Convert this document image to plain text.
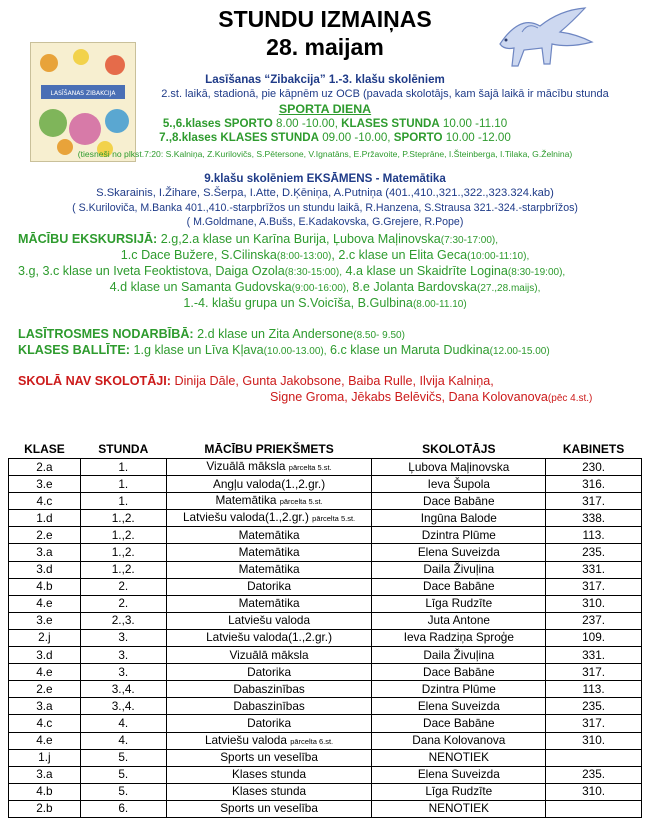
STUNDU IZMAIŅAS
28. maijam
LASĪŠANAS ZIBAKCIJA
Lasīšanas “Zibakcija” 1.-3. klašu skolēniem
2.st. laikā, stadionā, pie kāpnēm uz OCB (pavada skolotājs, kam šajā laikā ir mācību stunda
SPORTA DIENA
5.,6.klases SPORTO 8.00 -10.00, KLASES STUNDA 10.00 -11.10
7.,8.klases KLASES STUNDA 09.00 -10.00, SPORTO 10.00 -12.00
(tiesneši no plkst.7:20: S.Kalniņa, Z.Kurilovičs, S.Pētersone, V.Ignatāns, E.Pržavoite, P.Steprāne, I.Šteinberga, I.Tilaka, G.Želnina)
9.klašu skolēniem EKSĀMENS - Matemātika
S.Skarainis, I.Žihare, S.Šerpa, I.Atte, D.Ķēniņa, A.Putniņa (401.,410.,321.,322.,323.324.kab)
( S.Kuriloviča, M.Banka 401.,410.-starpbrīžos un stundu laikā, R.Hanzena, S.Strausa 321.-324.-starpbrīžos)
( M.Goldmane, A.Bušs, E.Kadakovska, G.Grejere, R.Pope)
MĀCĪBU EKSKURSIJĀ: 2.g,2.a klase un Karīna Burija, Ļubova Maļinovska(7:30-17:00),
1.c Dace Bužere, S.Cilinska(8:00-13:00), 2.c klase un Elita Geca(10:00-11:10),
3.g, 3.c klase un Iveta Feoktistova, Daiga Ozola(8:30-15:00), 4.a klase un Skaidrīte Logina(8:30-19:00),
4.d klase un Samanta Gudovska(9:00-16:00), 8.e Jolanta Bardovska(27.,28.maijs),
1.-4. klašu grupa un S.Voicīša, B.Gulbina(8.00-11.10)
LASĪTROSMES NODARBĪBĀ: 2.d klase un Zita Andersone(8.50- 9.50)
KLASES BALLĪTE: 1.g klase un Līva Kļava(10.00-13.00), 6.c klase un Maruta Dudkina(12.00-15.00)
SKOLĀ NAV SKOLOTĀJI: Dinija Dāle, Gunta Jakobsone, Baiba Rulle, Ilvija Kalniņa,
Signe Groma, Jēkabs Belēvičs, Dana Kolovanova(pēc 4.st.)
KLASE	STUNDA	MĀCĪBU PRIEKŠMETS	SKOLOTĀJS	KABINETS
2.a	1.	Vizuālā māksla pārcelta 5.st.	Ļubova Maļinovska	230.
3.e	1.	Angļu valoda(1.,2.gr.)	Ieva Šupola	316.
4.c	1.	Matemātika pārcelta 5.st.	Dace Babāne	317.
1.d	1.,2.	Latviešu valoda(1.,2.gr.) pārcelta 5.st.	Ingūna Balode	338.
2.e	1.,2.	Matemātika	Dzintra Plūme	113.
3.a	1.,2.	Matemātika	Elena Suveizda	235.
3.d	1.,2.	Matemātika	Daila Živuļina	331.
4.b	2.	Datorika	Dace Babāne	317.
4.e	2.	Matemātika	Līga Rudzīte	310.
3.e	2.,3.	Latviešu valoda	Juta Antone	237.
2.j	3.	Latviešu valoda(1.,2.gr.)	Ieva Radziņa Sproģe	109.
3.d	3.	Vizuālā māksla	Daila Živuļina	331.
4.e	3.	Datorika	Dace Babāne	317.
2.e	3.,4.	Dabaszinības	Dzintra Plūme	113.
3.a	3.,4.	Dabaszinības	Elena Suveizda	235.
4.c	4.	Datorika	Dace Babāne	317.
4.e	4.	Latviešu valoda pārcelta 6.st.	Dana Kolovanova	310.
1.j	5.	Sports un veselība	NENOTIEK	
3.a	5.	Klases stunda	Elena Suveizda	235.
4.b	5.	Klases stunda	Līga Rudzīte	310.
2.b	6.	Sports un veselība	NENOTIEK	
